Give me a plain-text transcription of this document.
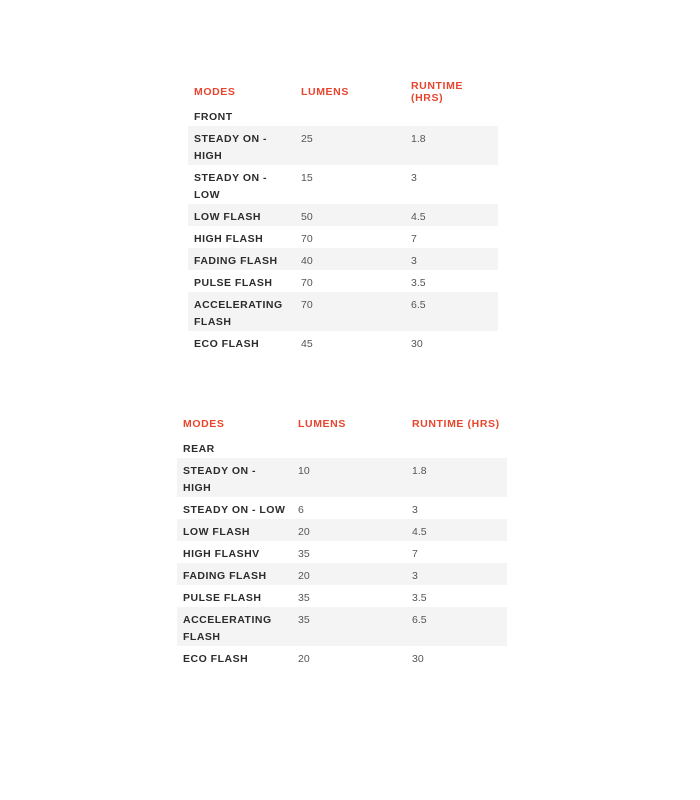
MODES	LUMENS	RUNTIME (HRS)
FRONT		
STEADY ON - HIGH	25	1.8
STEADY ON - LOW	15	3
LOW FLASH	50	4.5
HIGH FLASH	70	7
FADING FLASH	40	3
PULSE FLASH	70	3.5
ACCELERATING FLASH	70	6.5
ECO FLASH	45	30
MODES	LUMENS	RUNTIME (HRS)
REAR		
STEADY ON - HIGH	10	1.8
STEADY ON - LOW	6	3
LOW FLASH	20	4.5
HIGH FLASHV	35	7
FADING FLASH	20	3
PULSE FLASH	35	3.5
ACCELERATING FLASH	35	6.5
ECO FLASH	20	30
